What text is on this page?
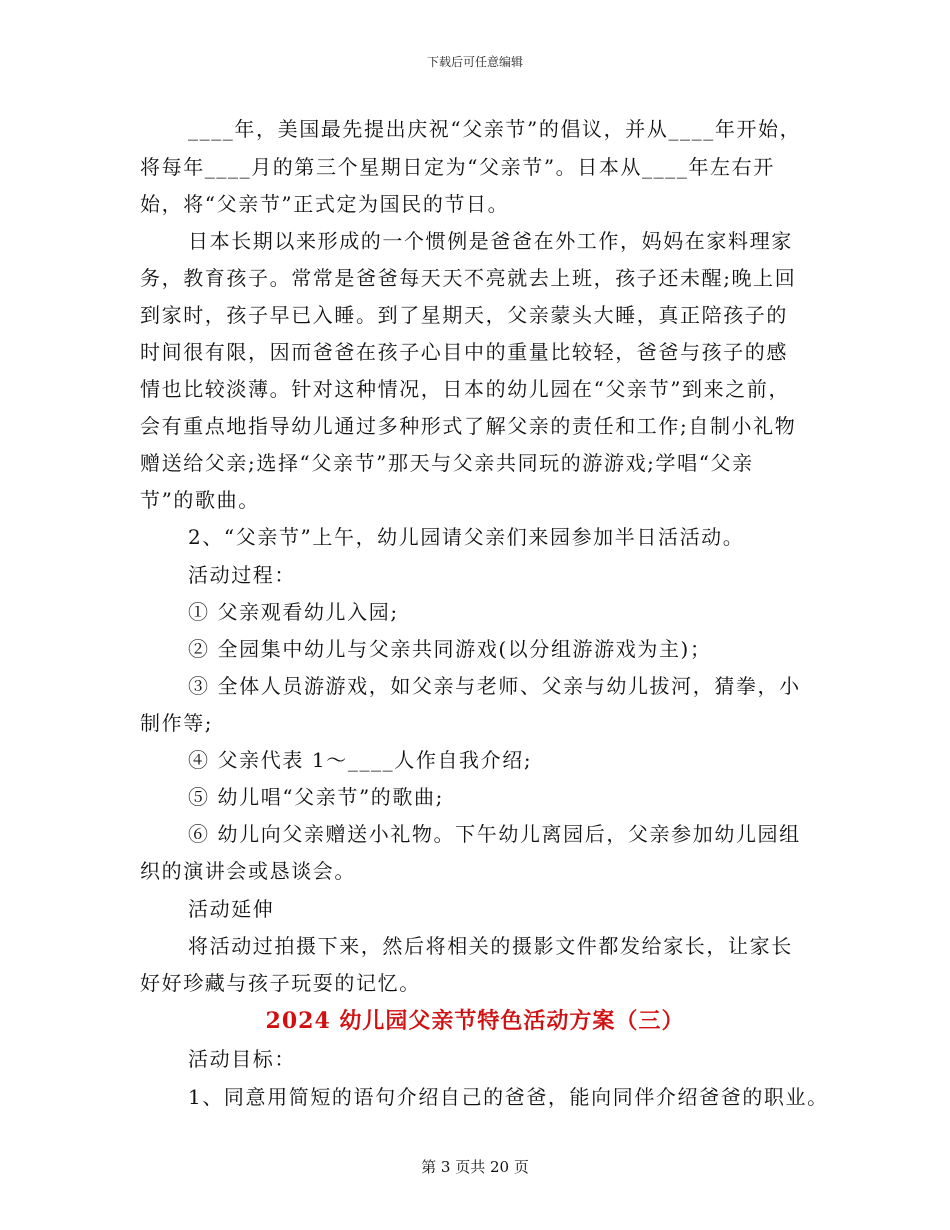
下载后可任意编辑
____年，美国最先提出庆祝“父亲节”的倡议，并从____年开始，
将每年____月的第三个星期日定为“父亲节”。日本从____年左右开
始，将“父亲节”正式定为国民的节日。
日本长期以来形成的一个惯例是爸爸在外工作，妈妈在家料理家
务，教育孩子。常常是爸爸每天天不亮就去上班，孩子还未醒;晚上回
到家时，孩子早已入睡。到了星期天，父亲蒙头大睡，真正陪孩子的
时间很有限，因而爸爸在孩子心目中的重量比较轻，爸爸与孩子的感
情也比较淡薄。针对这种情况，日本的幼儿园在“父亲节”到来之前，
会有重点地指导幼儿通过多种形式了解父亲的责任和工作;自制小礼物
赠送给父亲;选择“父亲节”那天与父亲共同玩的游游戏;学唱“父亲
节”的歌曲。
2、“父亲节”上午，幼儿园请父亲们来园参加半日活活动。
活动过程：
① 父亲观看幼儿入园;
② 全园集中幼儿与父亲共同游戏(以分组游游戏为主)；
③ 全体人员游游戏，如父亲与老师、父亲与幼儿拔河，猜拳，小
制作等;
④ 父亲代表 1～____人作自我介绍;
⑤ 幼儿唱“父亲节”的歌曲;
⑥ 幼儿向父亲赠送小礼物。下午幼儿离园后，父亲参加幼儿园组
织的演讲会或恳谈会。
活动延伸
将活动过拍摄下来，然后将相关的摄影文件都发给家长，让家长
好好珍藏与孩子玩耍的记忆。
2024 幼儿园父亲节特色活动方案（三）
活动目标：
1、同意用简短的语句介绍自己的爸爸，能向同伴介绍爸爸的职业。
第 3 页共 20 页
